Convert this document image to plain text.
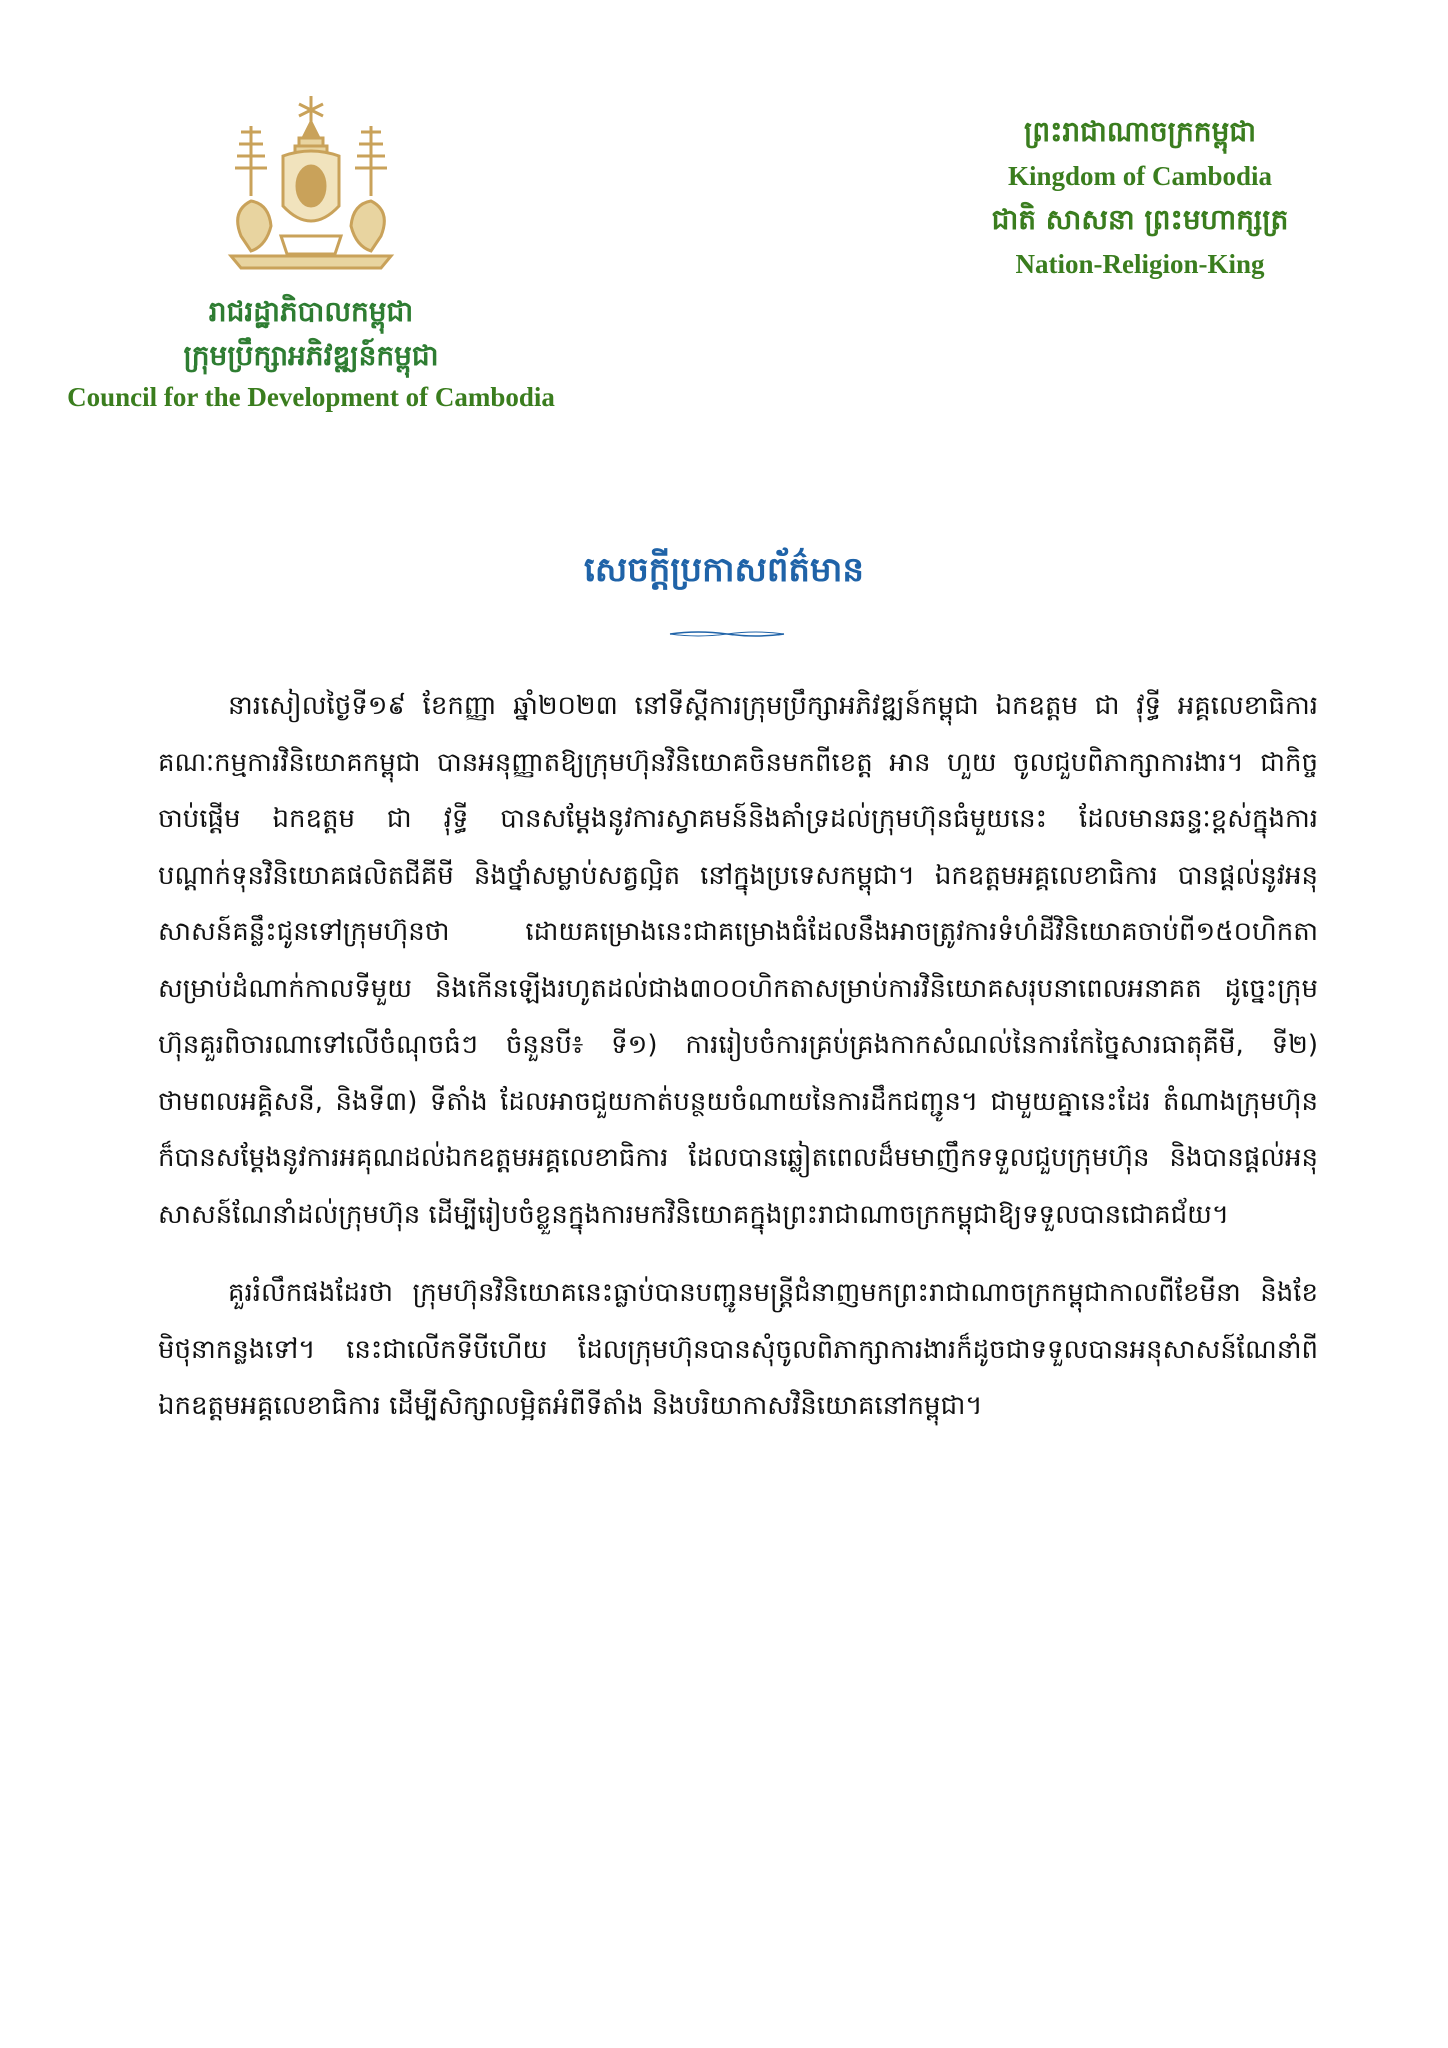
រាជរដ្ឋាភិបាលកម្ពុជា
ក្រុមប្រឹក្សាអភិវឌ្ឍន៍កម្ពុជា
Council for the Development of Cambodia
ព្រះរាជាណាចក្រកម្ពុជា
Kingdom of Cambodia
ជាតិ សាសនា ព្រះមហាក្សត្រ
Nation-Religion-King
សេចក្ដីប្រកាសព័ត៌មាន

នារសៀលថ្ងៃទី១៩ ខែកញ្ញា ឆ្នាំ២០២៣ នៅទីស្ដីការក្រុមប្រឹក្សាអភិវឌ្ឍន៍កម្ពុជា ឯកឧត្ដម ជា វុទ្ធី អគ្គលេខាធិការគណៈកម្មការវិនិយោគកម្ពុជា បានអនុញ្ញាតឱ្យក្រុមហ៊ុនវិនិយោគចិនមកពីខេត្ត អាន ហួយ ចូលជួបពិភាក្សាការងារ។ ជាកិច្ចចាប់ផ្ដើម ឯកឧត្ដម ជា វុទ្ធី បានសម្ដែងនូវការស្វាគមន៍និងគាំទ្រដល់ក្រុមហ៊ុនធំមួយនេះ ដែលមានឆន្ទៈខ្ពស់ក្នុងការបណ្ដាក់ទុនវិនិយោគផលិតជីគីមី និងថ្នាំសម្លាប់សត្វល្អិត នៅក្នុងប្រទេសកម្ពុជា។ ឯកឧត្ដមអគ្គលេខាធិការ បានផ្ដល់នូវអនុសាសន៍គន្លឹះជូនទៅក្រុមហ៊ុនថា ដោយគម្រោងនេះជាគម្រោងធំដែលនឹងអាចត្រូវការទំហំដីវិនិយោគចាប់ពី១៥០ហិកតា សម្រាប់ដំណាក់កាលទីមួយ និងកើនឡើងរហូតដល់ជាង៣០០ហិកតាសម្រាប់ការវិនិយោគសរុបនាពេលអនាគត ដូច្នេះក្រុមហ៊ុនគួរពិចារណាទៅលើចំណុចធំៗ ចំនួនបី៖ ទី១) ការរៀបចំការគ្រប់គ្រងកាកសំណល់នៃការកែច្នៃសារធាតុគីមី, ទី២) ថាមពលអគ្គិសនី, និងទី៣) ទីតាំង ដែលអាចជួយកាត់បន្ថយចំណាយនៃការដឹកជញ្ជូន។ ជាមួយគ្នានេះដែរ តំណាងក្រុមហ៊ុនក៏បានសម្ដែងនូវការអគុណដល់ឯកឧត្ដមអគ្គលេខាធិការ ដែលបានឆ្លៀតពេលដ៏មមាញឹកទទួលជួបក្រុមហ៊ុន និងបានផ្ដល់អនុសាសន៍ណែនាំដល់ក្រុមហ៊ុន ដើម្បីរៀបចំខ្លួនក្នុងការមកវិនិយោគក្នុងព្រះរាជាណាចក្រកម្ពុជាឱ្យទទួលបានជោគជ័យ។

គួររំលឹកផងដែរថា ក្រុមហ៊ុនវិនិយោគនេះធ្លាប់បានបញ្ជូនមន្ត្រីជំនាញមកព្រះរាជាណាចក្រកម្ពុជាកាលពីខែមីនា និងខែមិថុនាកន្លងទៅ។ នេះជាលើកទីបីហើយ ដែលក្រុមហ៊ុនបានសុំចូលពិភាក្សាការងារក៏ដូចជាទទួលបានអនុសាសន៍ណែនាំពីឯកឧត្ដមអគ្គលេខាធិការ ដើម្បីសិក្សាលម្អិតអំពីទីតាំង និងបរិយាកាសវិនិយោគនៅកម្ពុជា។
